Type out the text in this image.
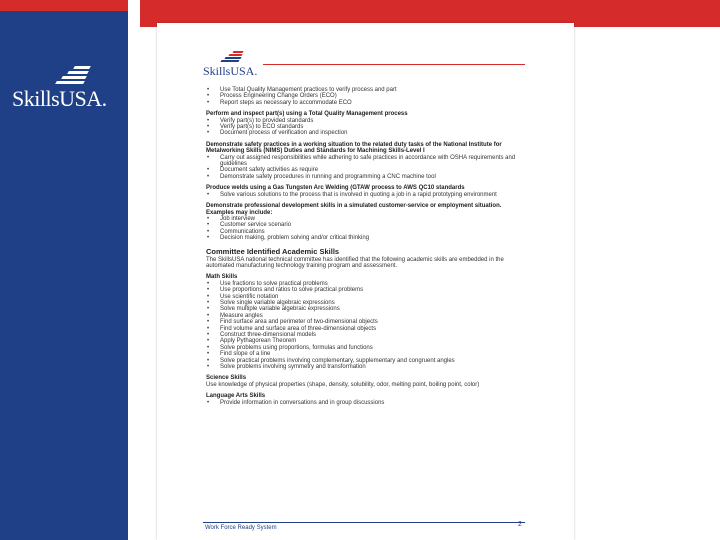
SkillsUSA.
SkillsUSA.
• Use Total Quality Management practices to verify process and part
• Process Engineering Change Orders (ECO)
• Report steps as necessary to accommodate ECO
Perform and inspect part(s) using a Total Quality Management process
• Verify part(s) to provided standards
• Verify part(s) to ECO standards
• Document process of verification and inspection
Demonstrate safety practices in a working situation to the related duty tasks of the National Institute for Metalworking Skills (NIMS) Duties and Standards for Machining Skills-Level I
• Carry out assigned responsibilities while adhering to safe practices in accordance with OSHA requirements and guidelines
• Document safety activities as require
• Demonstrate safety procedures in running and programming a CNC machine tool
Produce welds using a Gas Tungsten Arc Welding (GTAW process to AWS QC10 standards
• Solve various solutions to the process that is involved in quoting a job in a rapid prototyping environment
Demonstrate professional development skills in a simulated customer-service or employment situation. Examples may include:
• Job interview
• Customer service scenario
• Communications
• Decision making, problem solving and/or critical thinking
Committee Identified Academic Skills
The SkillsUSA national technical committee has identified that the following academic skills are embedded in the automated manufacturing technology training program and assessment.
Math Skills
• Use fractions to solve practical problems
• Use proportions and ratios to solve practical problems
• Use scientific notation
• Solve single variable algebraic expressions
• Solve multiple variable algebraic expressions
• Measure angles
• Find surface area and perimeter of two-dimensional objects
• Find volume and surface area of three-dimensional objects
• Construct three-dimensional models
• Apply Pythagorean Theorem
• Solve problems using proportions, formulas and functions
• Find slope of a line
• Solve practical problems involving complementary, supplementary and congruent angles
• Solve problems involving symmetry and transformation
Science Skills
Use knowledge of physical properties (shape, density, solubility, odor, melting point, boiling point, color)
Language Arts Skills
• Provide information in conversations and in group discussions
Work Force Ready System	2
